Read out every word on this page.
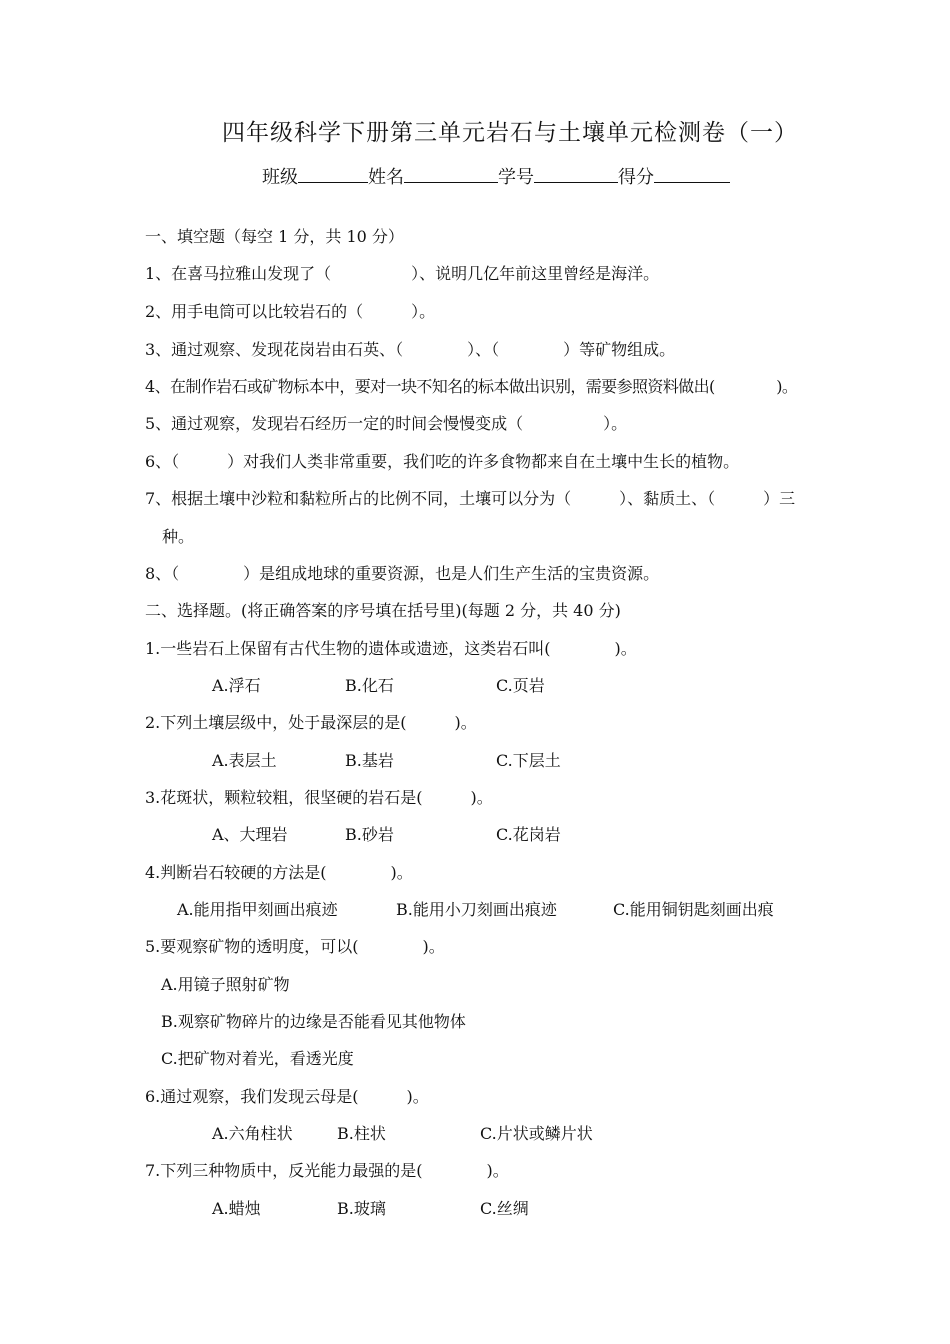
四年级科学下册第三单元岩石与土壤单元检测卷（一）
班级	姓名	学号	得分
一、填空题（每空 1 分，共 10 分）
1、在喜马拉雅山发现了（　　　　　）、说明几亿年前这里曾经是海洋。
2、用手电筒可以比较岩石的（　　　）。
3、通过观察、发现花岗岩由石英、（　　　　）、（　　　　）等矿物组成。
4、在制作岩石或矿物标本中，要对一块不知名的标本做出识别，需要参照资料做出(　　　　)。
5、通过观察，发现岩石经历一定的时间会慢慢变成（　　　　　）。
6、（　　　）对我们人类非常重要，我们吃的许多食物都来自在土壤中生长的植物。
7、根据土壤中沙粒和黏粒所占的比例不同，土壤可以分为（　　　）、黏质土、（　　　）三
种。
8、（　　　　）是组成地球的重要资源，也是人们生产生活的宝贵资源。
二、选择题。(将正确答案的序号填在括号里)(每题 2 分，共 40 分)
1.一些岩石上保留有古代生物的遗体或遗迹，这类岩石叫(　　　　)。
A.浮石	B.化石	C.页岩
2.下列土壤层级中，处于最深层的是(　　　)。
A.表层土	B.基岩	C.下层土
3.花斑状，颗粒较粗，很坚硬的岩石是(　　　)。
A、大理岩	B.砂岩	C.花岗岩
4.判断岩石较硬的方法是(　　　　)。
A.能用指甲刻画出痕迹	B.能用小刀刻画出痕迹	C.能用铜钥匙刻画出痕
5.要观察矿物的透明度，可以(　　　　)。
A.用镜子照射矿物
B.观察矿物碎片的边缘是否能看见其他物体
C.把矿物对着光，看透光度
6.通过观察，我们发现云母是(　　　)。
A.六角柱状	B.柱状	C.片状或鳞片状
7.下列三种物质中，反光能力最强的是(　　　　)。
A.蜡烛	B.玻璃	C.丝绸
